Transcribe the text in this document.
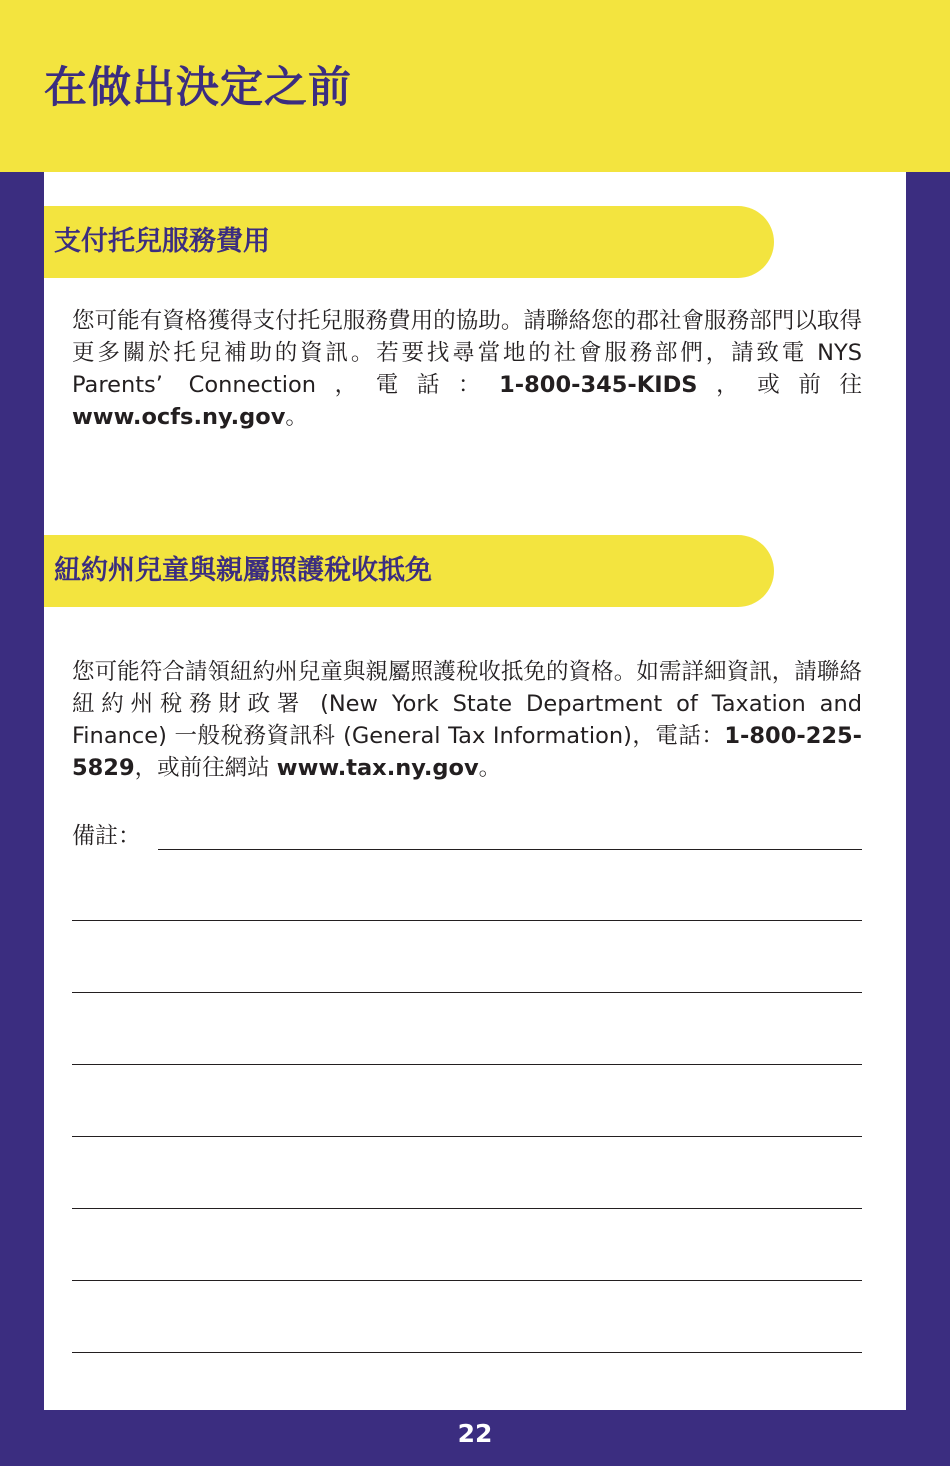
在做出決定之前
支付托兒服務費用

您可能有資格獲得支付托兒服務費用的協助。請聯絡您的郡社會服務部門以取得更多關於托兒補助的資訊。若要找尋當地的社會服務部們，請致電 NYS Parents’ Connection，電話：1-800-345-KIDS，或前往 www.ocfs.ny.gov。

紐約州兒童與親屬照護稅收抵免

您可能符合請領紐約州兒童與親屬照護稅收抵免的資格。如需詳細資訊，請聯絡紐約州稅務財政署 (New York State Department of Taxation and Finance) 一般稅務資訊科 (General Tax Information)，電話：1-800-225-5829，或前往網站 www.tax.ny.gov。

備註：
22
